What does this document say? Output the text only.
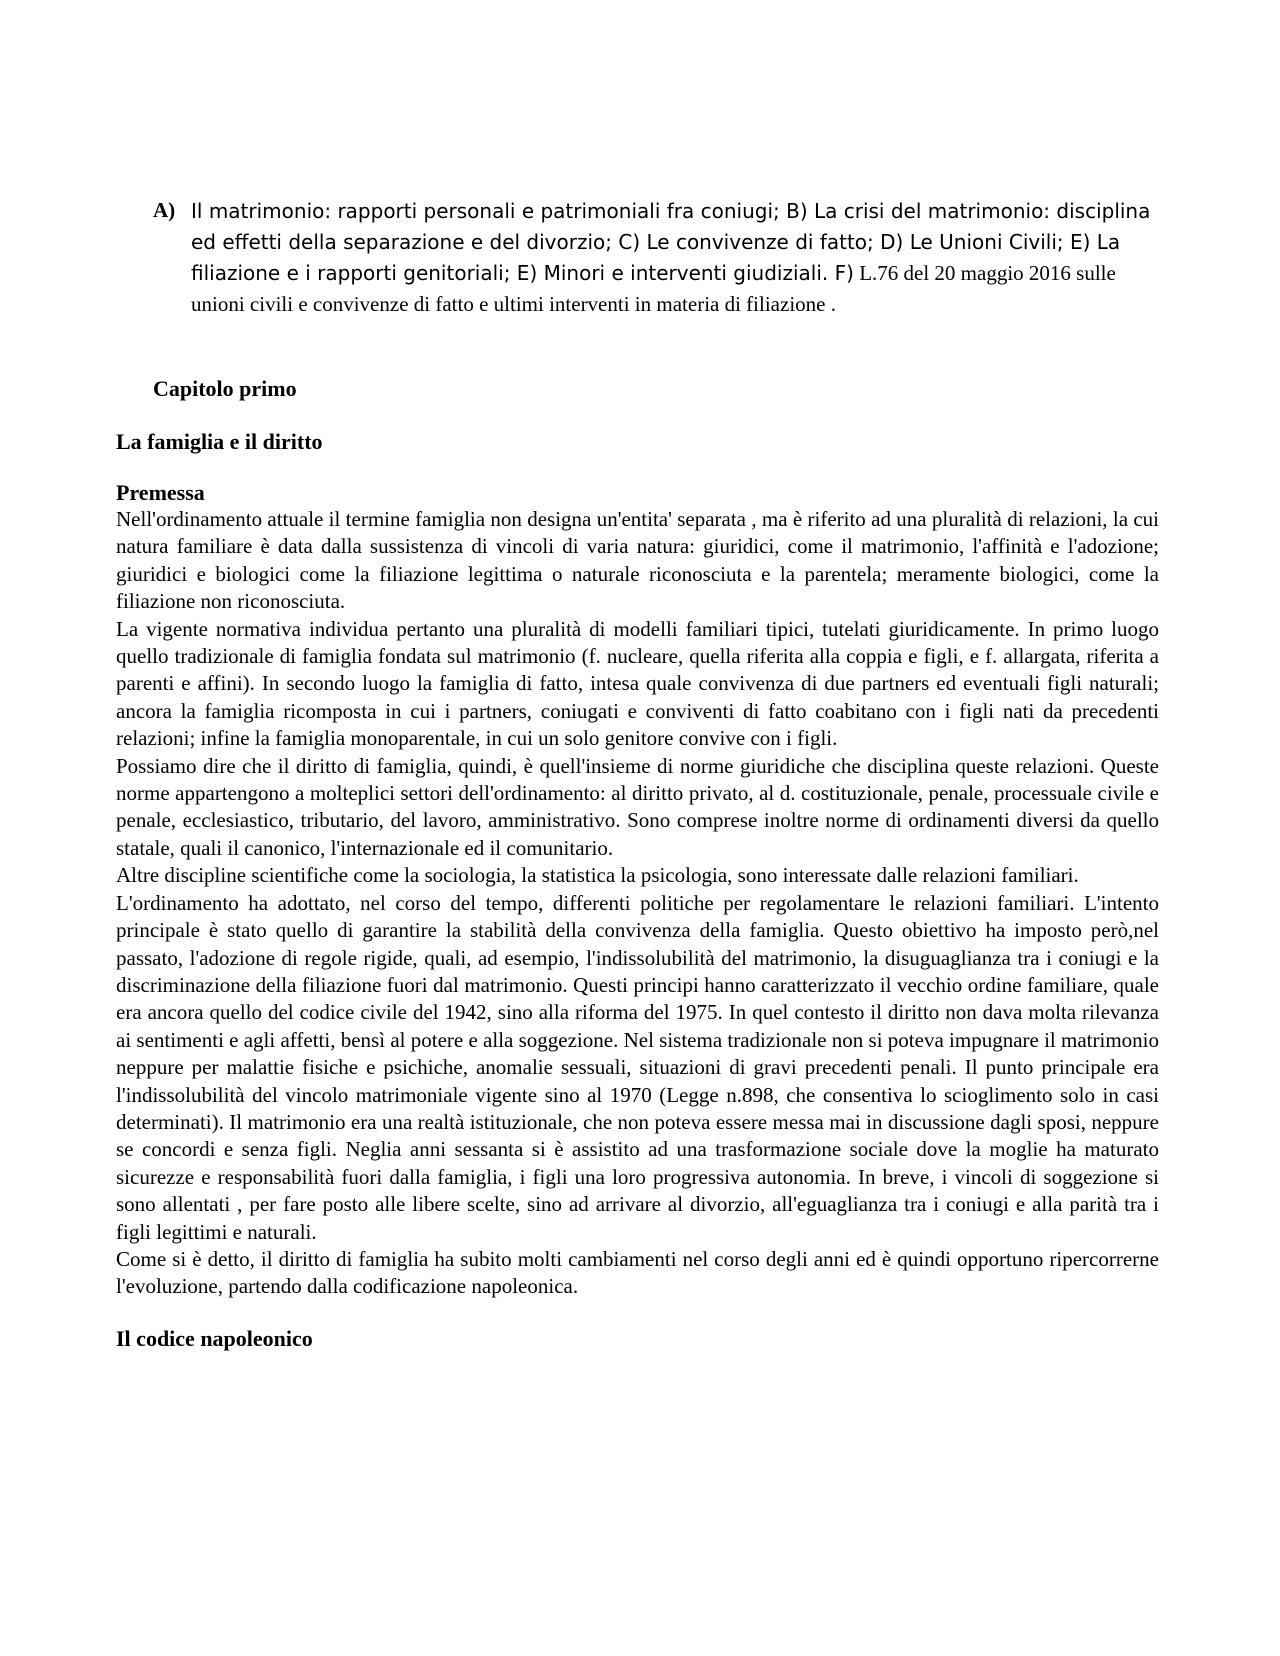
A) Il matrimonio: rapporti personali e patrimoniali fra coniugi; B) La crisi del matrimonio: disciplina ed effetti della separazione e del divorzio; C) Le convivenze di fatto; D) Le Unioni Civili; E) La filiazione e i rapporti genitoriali; E) Minori e interventi giudiziali. F) L.76 del 20 maggio 2016 sulle unioni civili e convivenze di fatto e ultimi interventi in materia di filiazione .
Capitolo primo

La famiglia e il diritto

Premessa

Nell'ordinamento attuale il termine famiglia non designa un'entita' separata , ma è riferito ad una pluralità di relazioni, la cui natura familiare è data dalla sussistenza di vincoli di varia natura: giuridici, come il matrimonio, l'affinità e l'adozione; giuridici e biologici come la filiazione legittima o naturale riconosciuta e la parentela; meramente biologici, come la filiazione non riconosciuta.

La vigente normativa individua pertanto una pluralità di modelli familiari tipici, tutelati giuridicamente. In primo luogo quello tradizionale di famiglia fondata sul matrimonio (f. nucleare, quella riferita alla coppia e figli, e f. allargata, riferita a parenti e affini). In secondo luogo la famiglia di fatto, intesa quale convivenza di due partners ed eventuali figli naturali; ancora la famiglia ricomposta in cui i partners, coniugati e conviventi di fatto coabitano con i figli nati da precedenti relazioni; infine la famiglia monoparentale, in cui un solo genitore convive con i figli.

Possiamo dire che il diritto di famiglia, quindi, è quell'insieme di norme giuridiche che disciplina queste relazioni. Queste norme appartengono a molteplici settori dell'ordinamento: al diritto privato, al d. costituzionale, penale, processuale civile e penale, ecclesiastico, tributario, del lavoro, amministrativo. Sono comprese inoltre norme di ordinamenti diversi da quello statale, quali il canonico, l'internazionale ed il comunitario.

Altre discipline scientifiche come la sociologia, la statistica la psicologia, sono interessate dalle relazioni familiari.

L'ordinamento ha adottato, nel corso del tempo, differenti politiche per regolamentare le relazioni familiari. L'intento principale è stato quello di garantire la stabilità della convivenza della famiglia. Questo obiettivo ha imposto però,nel passato, l'adozione di regole rigide, quali, ad esempio, l'indissolubilità del matrimonio, la disuguaglianza tra i coniugi e la discriminazione della filiazione fuori dal matrimonio. Questi principi hanno caratterizzato il vecchio ordine familiare, quale era ancora quello del codice civile del 1942, sino alla riforma del 1975. In quel contesto il diritto non dava molta rilevanza ai sentimenti e agli affetti, bensì al potere e alla soggezione. Nel sistema tradizionale non si poteva impugnare il matrimonio neppure per malattie fisiche e psichiche, anomalie sessuali, situazioni di gravi precedenti penali. Il punto principale era l'indissolubilità del vincolo matrimoniale vigente sino al 1970 (Legge n.898, che consentiva lo scioglimento solo in casi determinati). Il matrimonio era una realtà istituzionale, che non poteva essere messa mai in discussione dagli sposi, neppure se concordi e senza figli. Neglia anni sessanta si è assistito ad una trasformazione sociale dove la moglie ha maturato sicurezze e responsabilità fuori dalla famiglia, i figli una loro progressiva autonomia. In breve, i vincoli di soggezione si sono allentati , per fare posto alle libere scelte, sino ad arrivare al divorzio, all'eguaglianza tra i coniugi e alla parità tra i figli legittimi e naturali.

Come si è detto, il diritto di famiglia ha subito molti cambiamenti nel corso degli anni ed è quindi opportuno ripercorrerne l'evoluzione, partendo dalla codificazione napoleonica.

Il codice napoleonico
